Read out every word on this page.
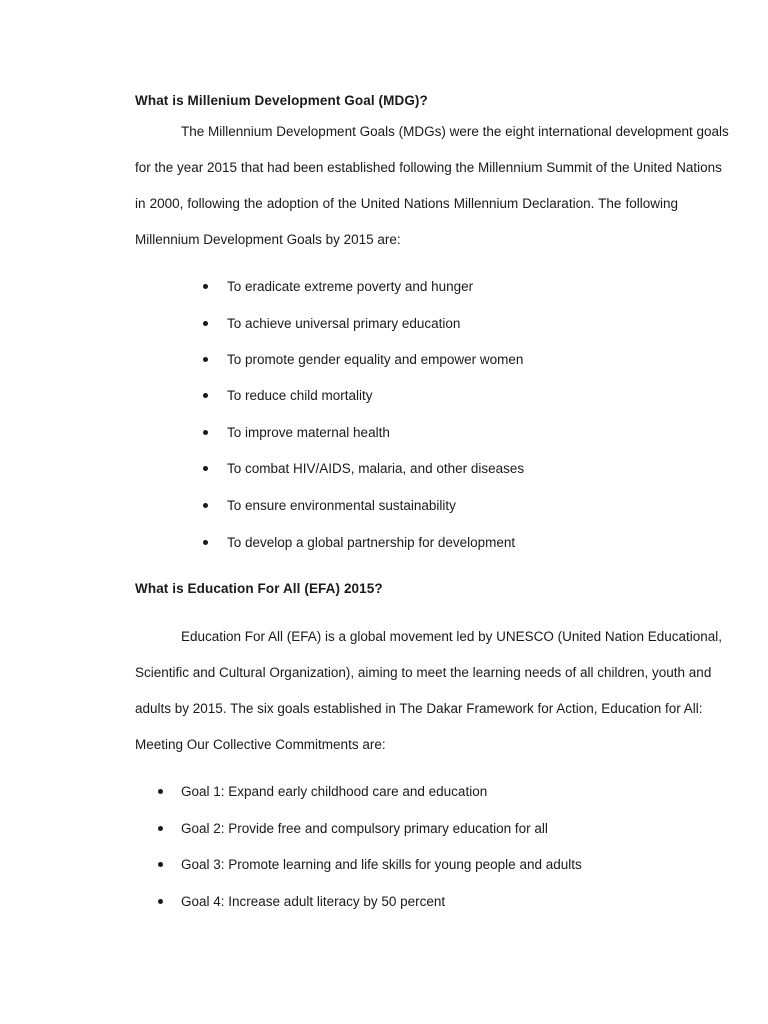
What is Millenium Development Goal (MDG)?
The Millennium Development Goals (MDGs) were the eight international development goals
for the year 2015 that had been established following the Millennium Summit of the United Nations
in 2000, following the adoption of the United Nations Millennium Declaration. The following
Millennium Development Goals by 2015 are:
To eradicate extreme poverty and hunger
To achieve universal primary education
To promote gender equality and empower women
To reduce child mortality
To improve maternal health
To combat HIV/AIDS, malaria, and other diseases
To ensure environmental sustainability
To develop a global partnership for development
What is Education For All (EFA) 2015?
Education For All (EFA) is a global movement led by UNESCO (United Nation Educational,
Scientific and Cultural Organization), aiming to meet the learning needs of all children, youth and
adults by 2015. The six goals established in The Dakar Framework for Action, Education for All:
Meeting Our Collective Commitments are:
Goal 1: Expand early childhood care and education
Goal 2: Provide free and compulsory primary education for all
Goal 3: Promote learning and life skills for young people and adults
Goal 4: Increase adult literacy by 50 percent
